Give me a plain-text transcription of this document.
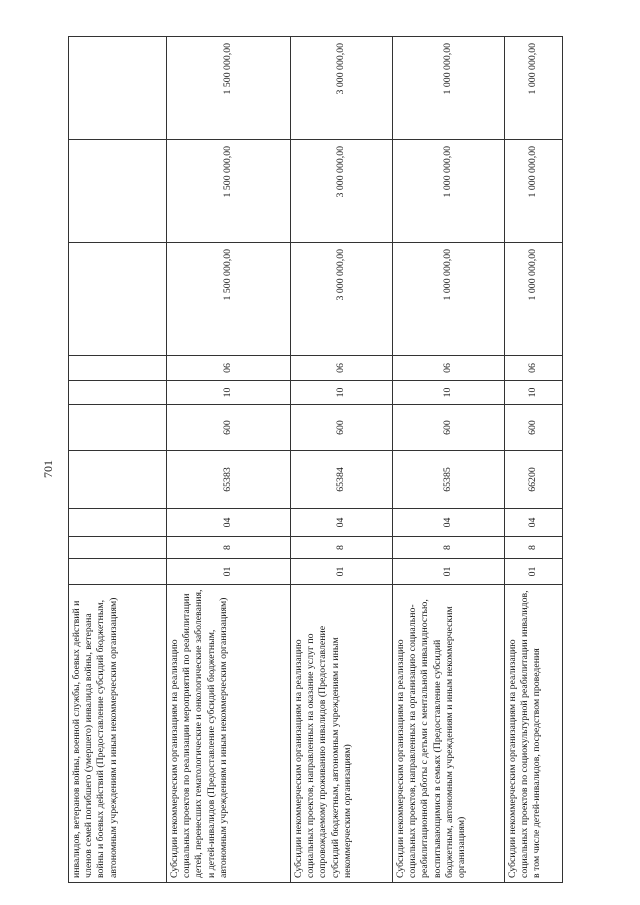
701
инвалидов, ветеранов войны, военной службы, боевых действий и членов семей погибшего (умершего) инвалида войны, ветерана войны и боевых действий (Предоставление субсидий бюджетным, автономным учреждениям и иным некоммерческим организациям)										
Субсидии некоммерческим организациям на реализацию социальных проектов по реализации мероприятий по реабилитации детей, перенесших гематологические и онкологические заболевания, и детей-инвалидов (Предоставление субсидий бюджетным, автономным учреждениям и иным некоммерческим организациям)	01	8	04	65383	600	10	06	1 500 000,00	1 500 000,00	1 500 000,00
Субсидии некоммерческим организациям на реализацию социальных проектов, направленных на оказание услуг по сопровождаемому проживанию инвалидов (Предоставление субсидий бюджетным, автономным учреждениям и иным некоммерческим организациям)	01	8	04	65384	600	10	06	3 000 000,00	3 000 000,00	3 000 000,00
Субсидии некоммерческим организациям на реализацию социальных проектов, направленных на организацию социально-реабилитационной работы с детьми с ментальной инвалидностью, воспитывающимися в семьях (Предоставление субсидий бюджетным, автономным учреждениям и иным некоммерческим организациям)	01	8	04	65385	600	10	06	1 000 000,00	1 000 000,00	1 000 000,00
Субсидии некоммерческим организациям на реализацию социальных проектов по социокультурной реабилитации инвалидов, в том числе детей-инвалидов, посредством проведения	01	8	04	66200	600	10	06	1 000 000,00	1 000 000,00	1 000 000,00
